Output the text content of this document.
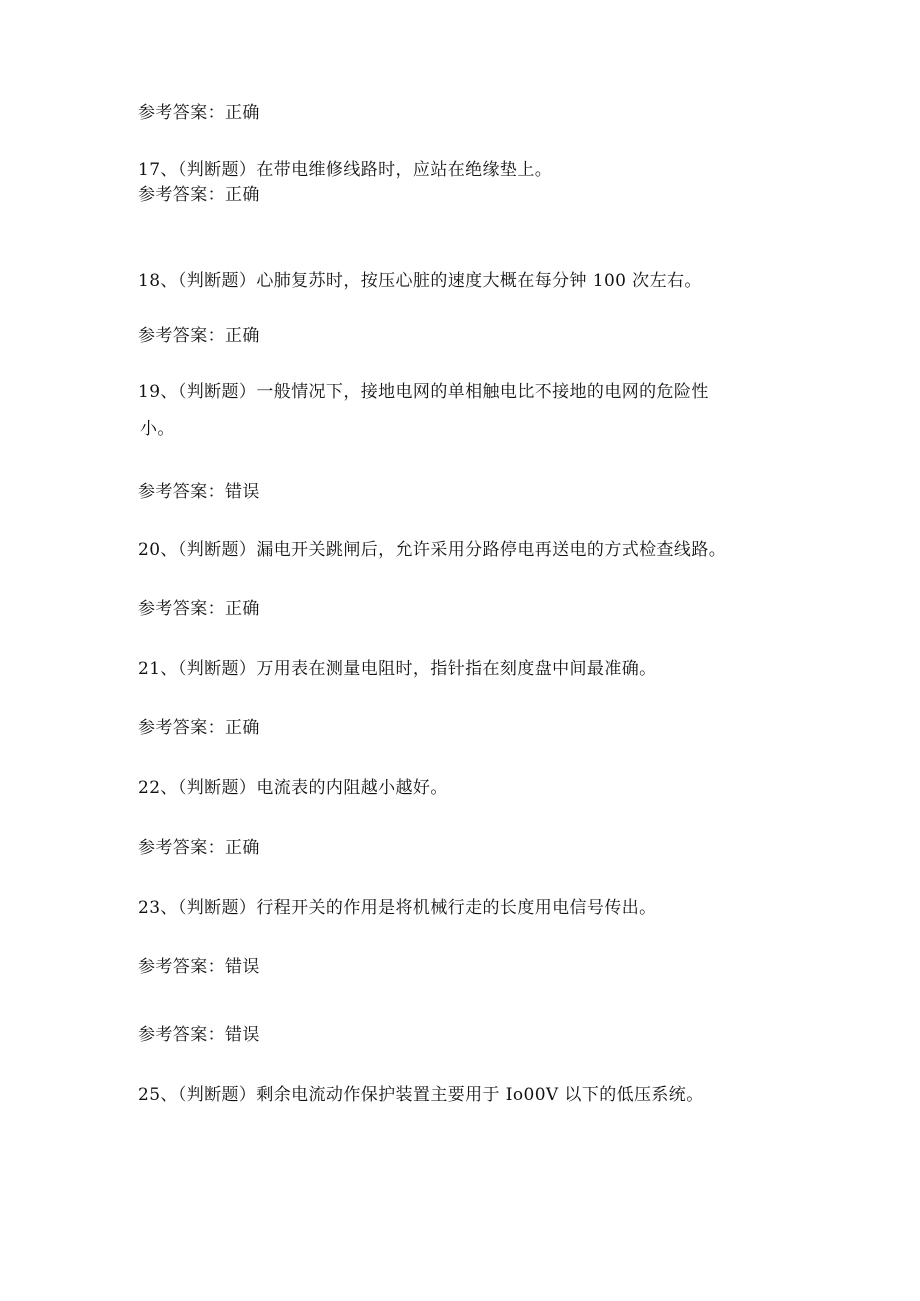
参考答案：正确
17、（判断题）在带电维修线路时，应站在绝缘垫上。
参考答案：正确
18、（判断题）心肺复苏时，按压心脏的速度大概在每分钟 100 次左右。
参考答案：正确
19、（判断题）一般情况下，接地电网的单相触电比不接地的电网的危险性
小。
参考答案：错误
20、（判断题）漏电开关跳闸后，允许采用分路停电再送电的方式检查线路。
参考答案：正确
21、（判断题）万用表在测量电阻时，指针指在刻度盘中间最准确。
参考答案：正确
22、（判断题）电流表的内阻越小越好。
参考答案：正确
23、（判断题）行程开关的作用是将机械行走的长度用电信号传出。
参考答案：错误
参考答案：错误
25、（判断题）剩余电流动作保护装置主要用于 Io00V 以下的低压系统。
